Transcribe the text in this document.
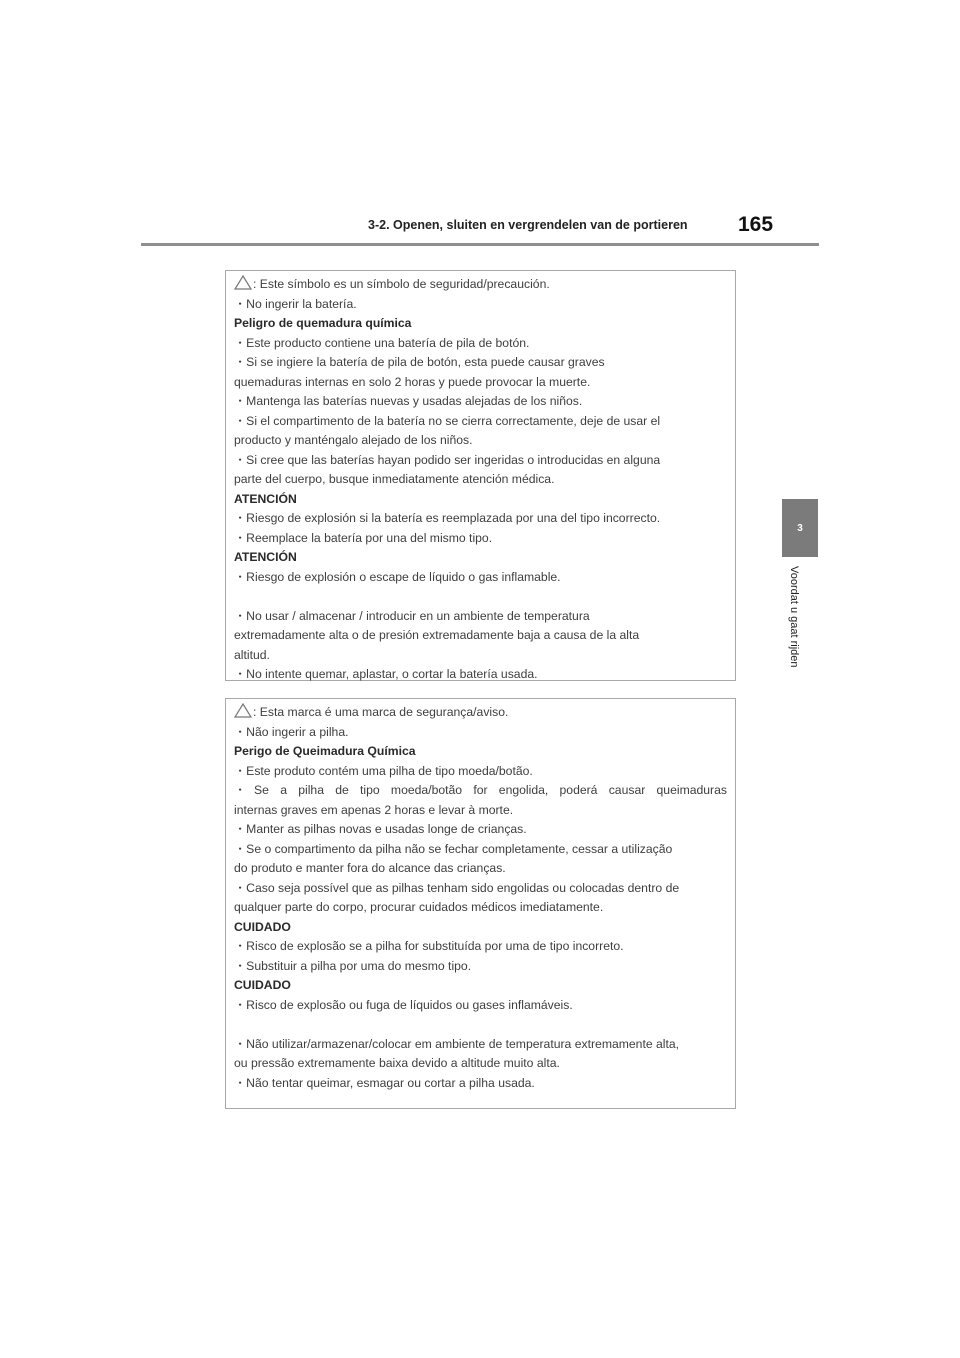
3-2. Openen, sluiten en vergrendelen van de portieren 165
3
Voordat u gaat rijden
: Este símbolo es un símbolo de seguridad/precaución.
・No ingerir la batería.
Peligro de quemadura química
・Este producto contiene una batería de pila de botón.
・Si se ingiere la batería de pila de botón, esta puede causar graves
quemaduras internas en solo 2 horas y puede provocar la muerte.
・Mantenga las baterías nuevas y usadas alejadas de los niños.
・Si el compartimento de la batería no se cierra correctamente, deje de usar el
producto y manténgalo alejado de los niños.
・Si cree que las baterías hayan podido ser ingeridas o introducidas en alguna
parte del cuerpo, busque inmediatamente atención médica.
ATENCIÓN
・Riesgo de explosión si la batería es reemplazada por una del tipo incorrecto.
・Reemplace la batería por una del mismo tipo.
ATENCIÓN
・Riesgo de explosión o escape de líquido o gas inflamable.
・No usar / almacenar / introducir en un ambiente de temperatura
extremadamente alta o de presión extremadamente baja a causa de la alta
altitud.
・No intente quemar, aplastar, o cortar la batería usada.
: Esta marca é uma marca de segurança/aviso.
・Não ingerir a pilha.
Perigo de Queimadura Química
・Este produto contém uma pilha de tipo moeda/botão.
・Se a pilha de tipo moeda/botão for engolida, poderá causar queimaduras
internas graves em apenas 2 horas e levar à morte.
・Manter as pilhas novas e usadas longe de crianças.
・Se o compartimento da pilha não se fechar completamente, cessar a utilização
do produto e manter fora do alcance das crianças.
・Caso seja possível que as pilhas tenham sido engolidas ou colocadas dentro de
qualquer parte do corpo, procurar cuidados médicos imediatamente.
CUIDADO
・Risco de explosão se a pilha for substituída por uma de tipo incorreto.
・Substituir a pilha por uma do mesmo tipo.
CUIDADO
・Risco de explosão ou fuga de líquidos ou gases inflamáveis.
・Não utilizar/armazenar/colocar em ambiente de temperatura extremamente alta,
ou pressão extremamente baixa devido a altitude muito alta.
・Não tentar queimar, esmagar ou cortar a pilha usada.
